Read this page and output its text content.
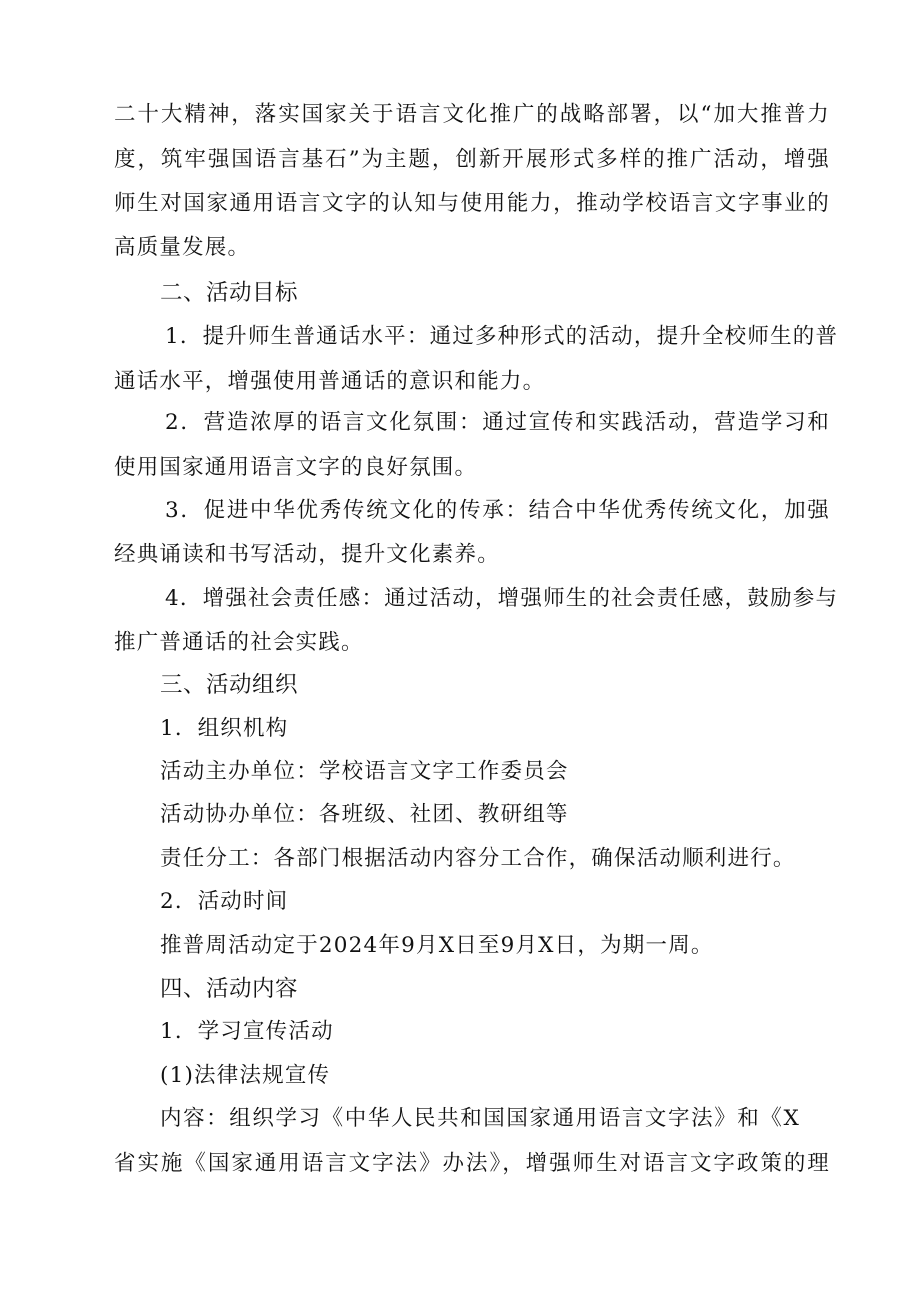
二十大精神，落实国家关于语言文化推广的战略部署，以“加大推普力
度，筑牢强国语言基石”为主题，创新开展形式多样的推广活动，增强
师生对国家通用语言文字的认知与使用能力，推动学校语言文字事业的
高质量发展。
二、活动目标
1．提升师生普通话水平：通过多种形式的活动，提升全校师生的普
通话水平，增强使用普通话的意识和能力。
2．营造浓厚的语言文化氛围：通过宣传和实践活动，营造学习和
使用国家通用语言文字的良好氛围。
3．促进中华优秀传统文化的传承：结合中华优秀传统文化，加强
经典诵读和书写活动，提升文化素养。
4．增强社会责任感：通过活动，增强师生的社会责任感，鼓励参与
推广普通话的社会实践。
三、活动组织
1．组织机构
活动主办单位：学校语言文字工作委员会
活动协办单位：各班级、社团、教研组等
责任分工：各部门根据活动内容分工合作，确保活动顺利进行。
2．活动时间
推普周活动定于2024年9月X日至9月X日，为期一周。
四、活动内容
1．学习宣传活动
(1)法律法规宣传
内容：组织学习《中华人民共和国国家通用语言文字法》和《X
省实施《国家通用语言文字法》办法》，增强师生对语言文字政策的理
